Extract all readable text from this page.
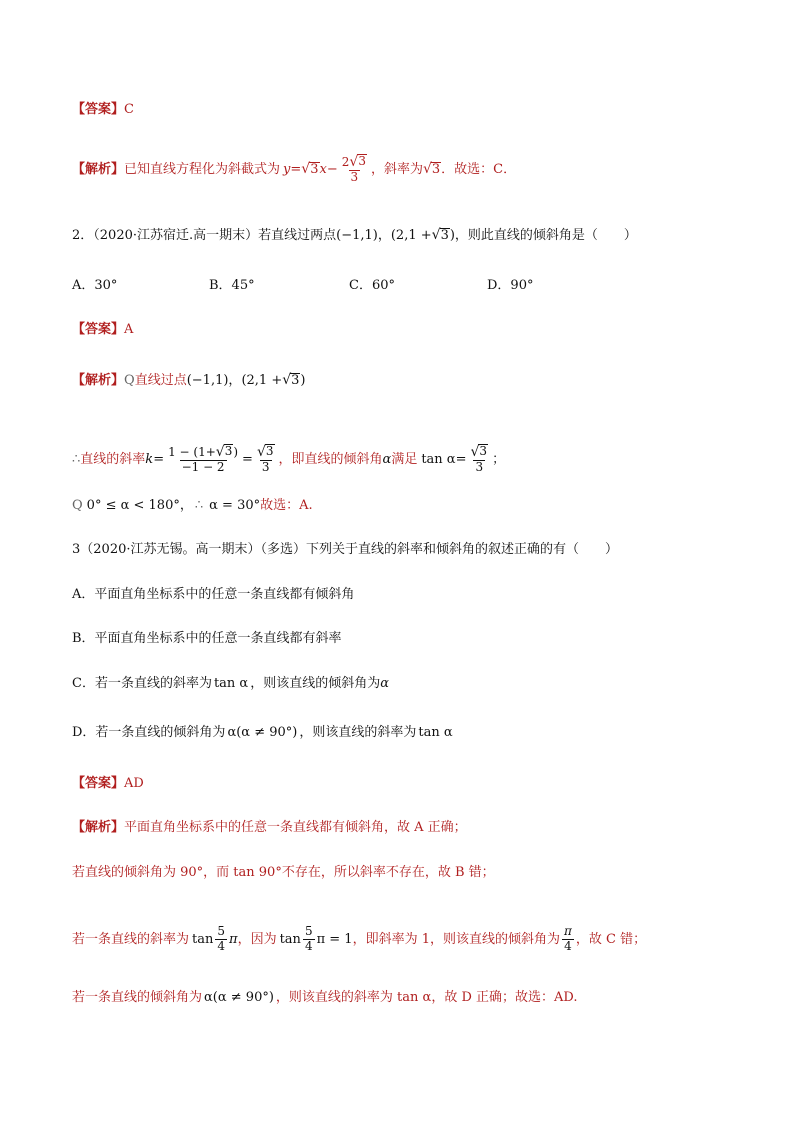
【答案】 C
【解析】 已知直线方程化为斜截式为 y = √ 3 $x - \frac{2 √ 3}{3}$ ，斜率为 √ 3 ．故选：C．
2．（2020·江苏宿迁.高一期末）若直线过两点 (−1,1) ， (2,1 + √ 3 ) ，则此直线的倾斜角是（　　）
A．30°	B．45°	C．60°	D．90°
【答案】 A
【解析】 Q 直线过点 (−1,1) ， (2,1 + √ 3 )
∴ 直线的斜率 $k = \frac{1 - (1+ √ 3 )}{-1 - 2} = \frac{√ 3}{3}$ ，即直线的倾斜角 α 满足 $\tan \alpha = \frac{√ 3}{3}$ ；
Q 0° ≤ α < 180°， ∴ α = 30° 故选：A.
3（2020·江苏无锡。高一期末）（多选）下列关于直线的斜率和倾斜角的叙述正确的有（　　）
A．平面直角坐标系中的任意一条直线都有倾斜角
B．平面直角坐标系中的任意一条直线都有斜率
C．若一条直线的斜率为 tan α ，则该直线的倾斜角为 α
D．若一条直线的倾斜角为 α(α ≠ 90°) ，则该直线的斜率为 tan α
【答案】 AD
【解析】 平面直角坐标系中的任意一条直线都有倾斜角，故 A 正确；
若直线的倾斜角为 90°，而 tan 90°不存在，所以斜率不存在，故 B 错；
若一条直线的斜率为 $\tan \frac{5}{4}$ π ，因为 $\tan \frac{5}{4}$ π = 1 ，即斜率为 1，则该直线的倾斜角为 $\frac{\pi}{4}$ ，故 C 错；
若一条直线的倾斜角为 α(α ≠ 90°) ，则该直线的斜率为 tan α，故 D 正确；故选：AD.
